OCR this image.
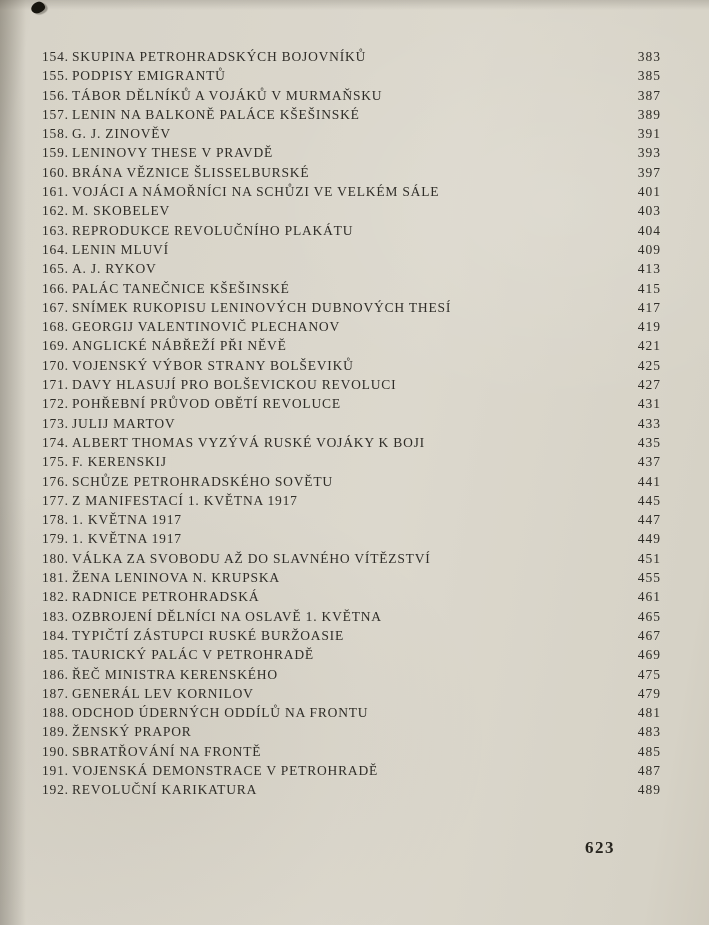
154. SKUPINA PETROHRADSKÝCH BOJOVNÍKŮ	383
155. PODPISY EMIGRANTŮ	385
156. TÁBOR DĚLNÍKŮ A VOJÁKŮ V MURMAŇSKU	387
157. LENIN NA BALKONĚ PALÁCE KŠEŠINSKÉ	389
158. G. J. ZINOVĚV	391
159. LENINOVY THESE V PRAVDĚ	393
160. BRÁNA VĚZNICE ŠLISSELBURSKÉ	397
161. VOJÁCI A NÁMOŘNÍCI NA SCHŮZI VE VELKÉM SÁLE	401
162. M. SKOBELEV	403
163. REPRODUKCE REVOLUČNÍHO PLAKÁTU	404
164. LENIN MLUVÍ	409
165. A. J. RYKOV	413
166. PALÁC TANEČNICE KŠEŠINSKÉ	415
167. SNÍMEK RUKOPISU LENINOVÝCH DUBNOVÝCH THESÍ	417
168. GEORGIJ VALENTINOVIČ PLECHANOV	419
169. ANGLICKÉ NÁBŘEŽÍ PŘI NĚVĚ	421
170. VOJENSKÝ VÝBOR STRANY BOLŠEVIKŮ	425
171. DAVY HLASUJÍ PRO BOLŠEVICKOU REVOLUCI	427
172. POHŘEBNÍ PRŮVOD OBĚTÍ REVOLUCE	431
173. JULIJ MARTOV	433
174. ALBERT THOMAS VYZÝVÁ RUSKÉ VOJÁKY K BOJI	435
175. F. KERENSKIJ	437
176. SCHŮZE PETROHRADSKÉHO SOVĚTU	441
177. Z MANIFESTACÍ 1. KVĚTNA 1917	445
178. 1. KVĚTNA 1917	447
179. 1. KVĚTNA 1917	449
180. VÁLKA ZA SVOBODU AŽ DO SLAVNÉHO VÍTĚZSTVÍ	451
181. ŽENA LENINOVA N. KRUPSKA	455
182. RADNICE PETROHRADSKÁ	461
183. OZBROJENÍ DĚLNÍCI NA OSLAVĚ 1. KVĚTNA	465
184. TYPIČTÍ ZÁSTUPCI RUSKÉ BURŽOASIE	467
185. TAURICKÝ PALÁC V PETROHRADĚ	469
186. ŘEČ MINISTRA KERENSKÉHO	475
187. GENERÁL LEV KORNILOV	479
188. ODCHOD ÚDERNÝCH ODDÍLŮ NA FRONTU	481
189. ŽENSKÝ PRAPOR	483
190. SBRATŘOVÁNÍ NA FRONTĚ	485
191. VOJENSKÁ DEMONSTRACE V PETROHRADĚ	487
192. REVOLUČNÍ KARIKATURA	489
623
